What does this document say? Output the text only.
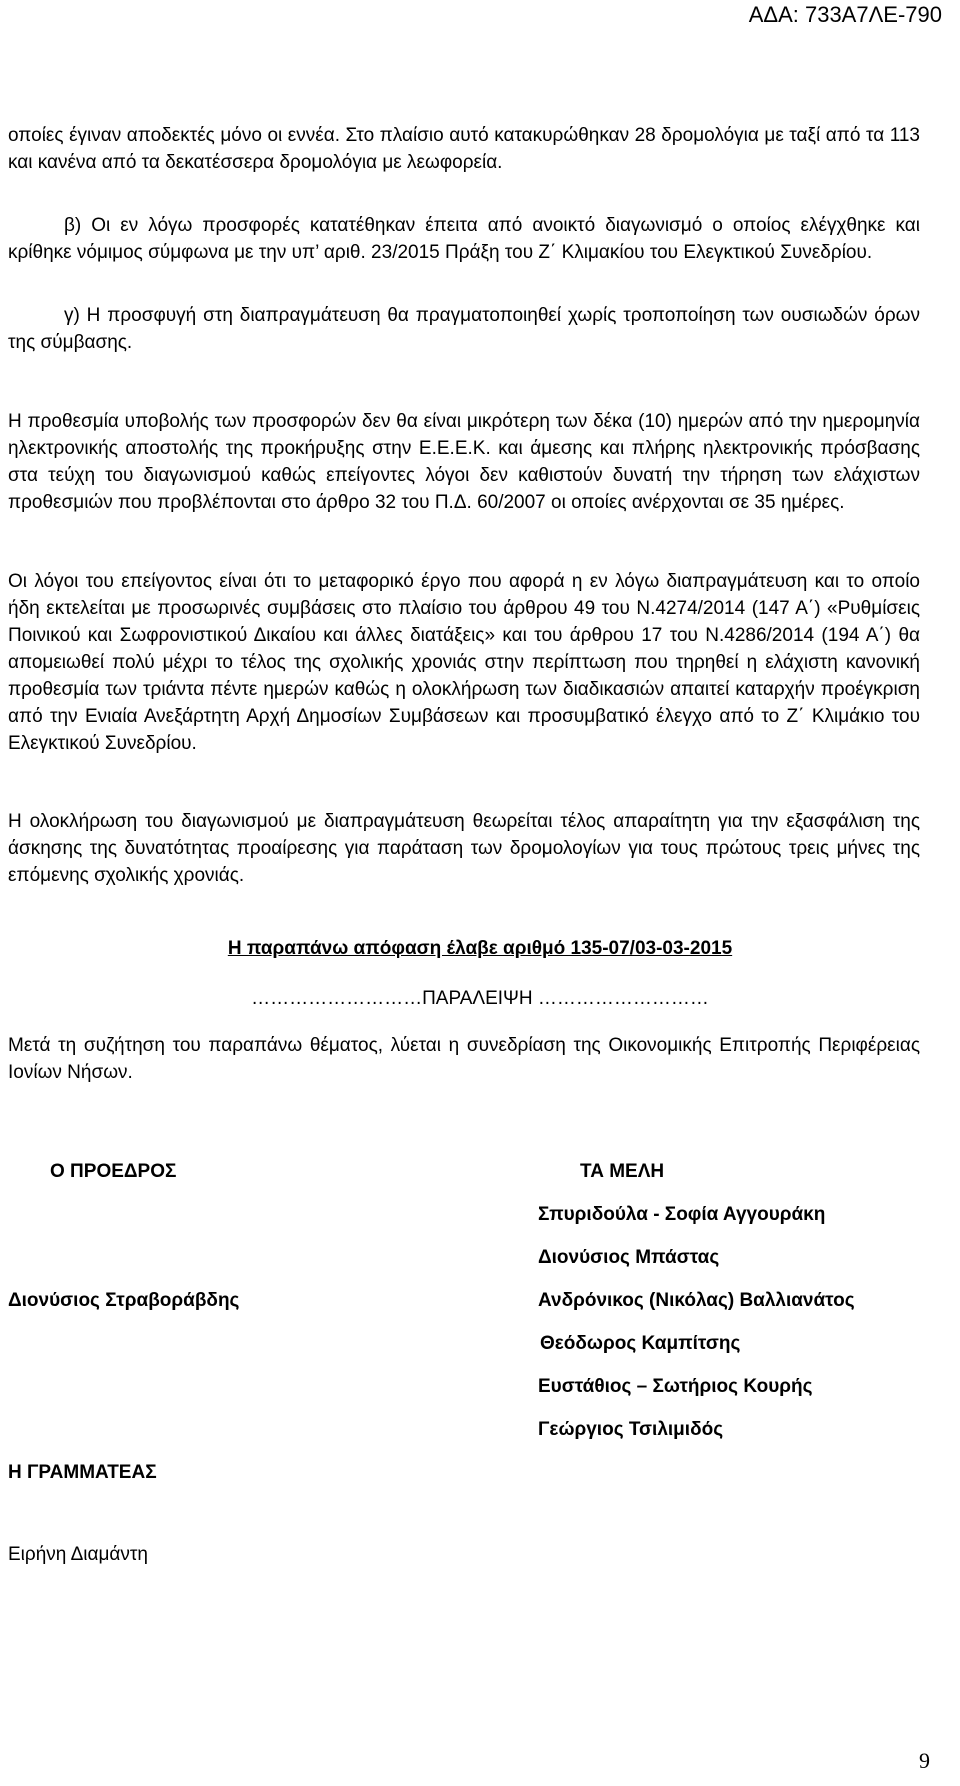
ΑΔΑ: 733Α7ΛΕ-790

οποίες έγιναν αποδεκτές μόνο οι εννέα. Στο πλαίσιο αυτό κατακυρώθηκαν 28 δρομολόγια με ταξί από τα 113 και κανένα από τα δεκατέσσερα δρομολόγια με λεωφορεία.

β) Οι εν λόγω προσφορές κατατέθηκαν έπειτα από ανοικτό διαγωνισμό ο οποίος ελέγχθηκε και κρίθηκε νόμιμος σύμφωνα με την υπ’ αριθ. 23/2015 Πράξη του Ζ΄ Κλιμακίου του Ελεγκτικού Συνεδρίου.

γ) Η προσφυγή στη διαπραγμάτευση θα πραγματοποιηθεί χωρίς τροποποίηση των ουσιωδών όρων της σύμβασης.

Η προθεσμία υποβολής των προσφορών δεν θα είναι μικρότερη των δέκα (10) ημερών από την ημερομηνία ηλεκτρονικής αποστολής της προκήρυξης στην Ε.Ε.Ε.Κ. και άμεσης και πλήρης ηλεκτρονικής πρόσβασης στα τεύχη του διαγωνισμού καθώς επείγοντες λόγοι δεν καθιστούν δυνατή την τήρηση των ελάχιστων προθεσμιών που προβλέπονται στο άρθρο 32 του Π.Δ. 60/2007 οι οποίες ανέρχονται σε 35 ημέρες.

Οι λόγοι του επείγοντος είναι ότι το μεταφορικό έργο που αφορά η εν λόγω διαπραγμάτευση και το οποίο ήδη εκτελείται με προσωρινές συμβάσεις στο πλαίσιο του άρθρου 49 του Ν.4274/2014 (147 Α΄) «Ρυθμίσεις Ποινικού και Σωφρονιστικού Δικαίου και άλλες διατάξεις» και του άρθρου 17 του Ν.4286/2014 (194 Α΄) θα απομειωθεί πολύ μέχρι το τέλος της σχολικής χρονιάς στην περίπτωση που τηρηθεί η ελάχιστη κανονική προθεσμία των τριάντα πέντε ημερών καθώς η ολοκλήρωση των διαδικασιών απαιτεί καταρχήν προέγκριση από την Ενιαία Ανεξάρτητη Αρχή Δημοσίων Συμβάσεων και προσυμβατικό έλεγχο από το Ζ΄ Κλιμάκιο του Ελεγκτικού Συνεδρίου.

Η ολοκλήρωση του διαγωνισμού με διαπραγμάτευση θεωρείται τέλος απαραίτητη για την εξασφάλιση της άσκησης της δυνατότητας προαίρεσης για παράταση των δρομολογίων για τους πρώτους τρεις μήνες της επόμενης σχολικής χρονιάς.

Η παραπάνω απόφαση έλαβε αριθμό 135-07/03-03-2015
………………………ΠΑΡΑΛΕΙΨΗ ………………………

Μετά τη συζήτηση του παραπάνω θέματος, λύεται η συνεδρίαση της Οικονομικής Επιτροπής Περιφέρειας Ιονίων Νήσων.

Ο ΠΡΟΕΔΡΟΣ
Διονύσιος Στραβοράβδης
Η ΓΡΑΜΜΑΤΕΑΣ
Ειρήνη Διαμάντη
ΤΑ ΜΕΛΗ
Σπυριδούλα - Σοφία Αγγουράκη
Διονύσιος Μπάστας
Ανδρόνικος (Νικόλας) Βαλλιανάτος
Θεόδωρος Καμπίτσης
Ευστάθιος – Σωτήριος Κουρής
Γεώργιος Τσιλιμιδός
9
